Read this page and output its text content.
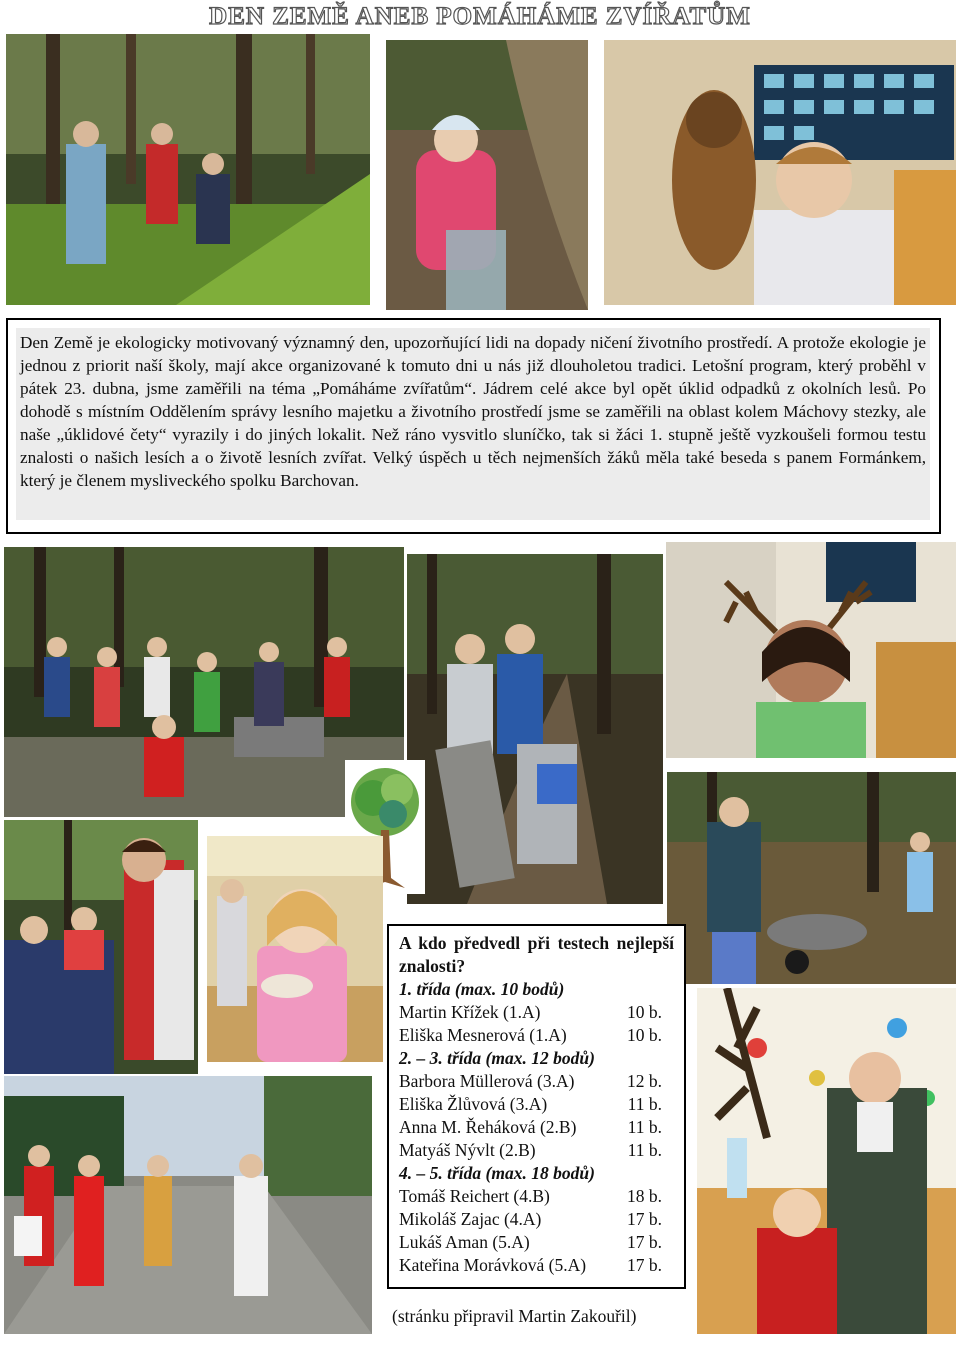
DEN ZEMĚ ANEB POMÁHÁME ZVÍŘATŮM

Den Země je ekologicky motivovaný významný den, upozorňující lidi na dopady ničení životního prostředí. A protože ekologie je jednou z priorit naší školy, mají akce organizované k tomuto dni u nás již dlouholetou tradici. Letošní program, který proběhl v pátek 23. dubna, jsme zaměřili na téma „Pomáháme zvířatům“. Jádrem celé akce byl opět úklid odpadků z okolních lesů. Po dohodě s místním Oddělením správy lesního majetku a životního prostředí jsme se zaměřili na oblast kolem Máchovy stezky, ale naše „úklidové čety“ vyrazily i do jiných lokalit. Než ráno vysvitlo sluníčko, tak si žáci 1. stupně ještě vyzkoušeli formou testu znalosti o našich lesích a o životě lesních zvířat. Velký úspěch u těch nejmenších žáků měla také beseda s panem Formánkem, který je členem mysliveckého spolku Barchovan.

A kdo předvedl při testech nejlepší znalosti?
1. třída (max. 10 bodů)
Martin Křížek (1.A)	10 b.
Eliška Mesnerová (1.A)	10 b.
2. – 3. třída (max. 12 bodů)
Barbora Müllerová (3.A)	12 b.
Eliška Žlůvová (3.A)	11 b.
Anna M. Řeháková (2.B)	11 b.
Matyáš Nývlt (2.B)	11 b.
4. – 5. třída (max. 18 bodů)
Tomáš Reichert (4.B)	18 b.
Mikoláš Zajac (4.A)	17 b.
Lukáš Aman (5.A)	17 b.
Kateřina Morávková (5.A) 17 b.
(stránku připravil Martin Zakouřil)
